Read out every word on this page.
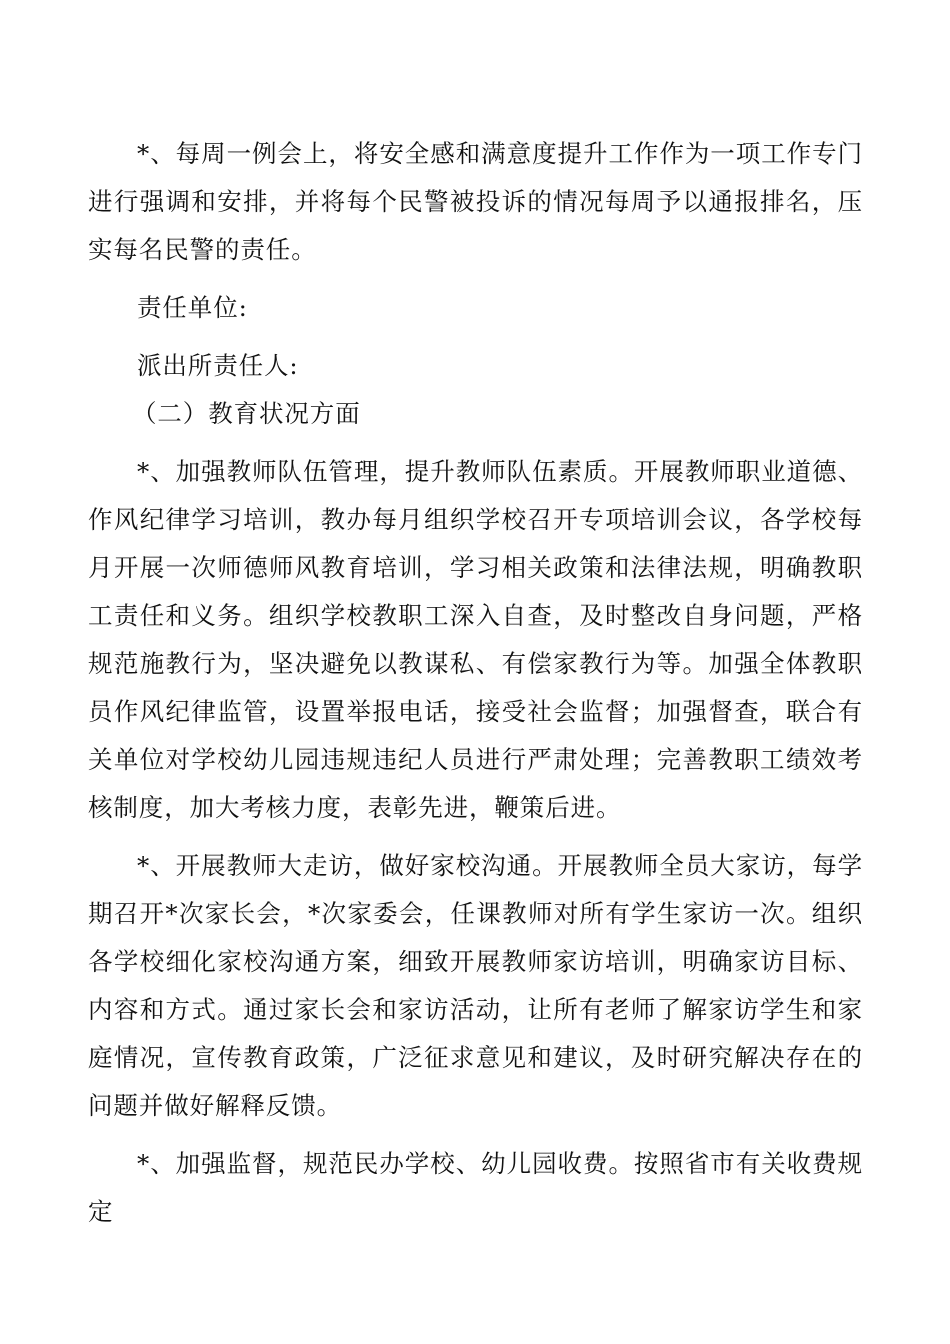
*、每周一例会上，将安全感和满意度提升工作作为一项工作专门进行强调和安排，并将每个民警被投诉的情况每周予以通报排名，压实每名民警的责任。

责任单位:

派出所责任人:

（二）教育状况方面

*、加强教师队伍管理，提升教师队伍素质。开展教师职业道德、作风纪律学习培训，教办每月组织学校召开专项培训会议，各学校每月开展一次师德师风教育培训，学习相关政策和法律法规，明确教职工责任和义务。组织学校教职工深入自查，及时整改自身问题，严格规范施教行为，坚决避免以教谋私、有偿家教行为等。加强全体教职员作风纪律监管，设置举报电话，接受社会监督；加强督查，联合有关单位对学校幼儿园违规违纪人员进行严肃处理；完善教职工绩效考核制度，加大考核力度，表彰先进，鞭策后进。

*、开展教师大走访，做好家校沟通。开展教师全员大家访，每学期召开*次家长会，*次家委会，任课教师对所有学生家访一次。组织各学校细化家校沟通方案，细致开展教师家访培训，明确家访目标、内容和方式。通过家长会和家访活动，让所有老师了解家访学生和家庭情况，宣传教育政策，广泛征求意见和建议，及时研究解决存在的问题并做好解释反馈。

*、加强监督，规范民办学校、幼儿园收费。按照省市有关收费规定
